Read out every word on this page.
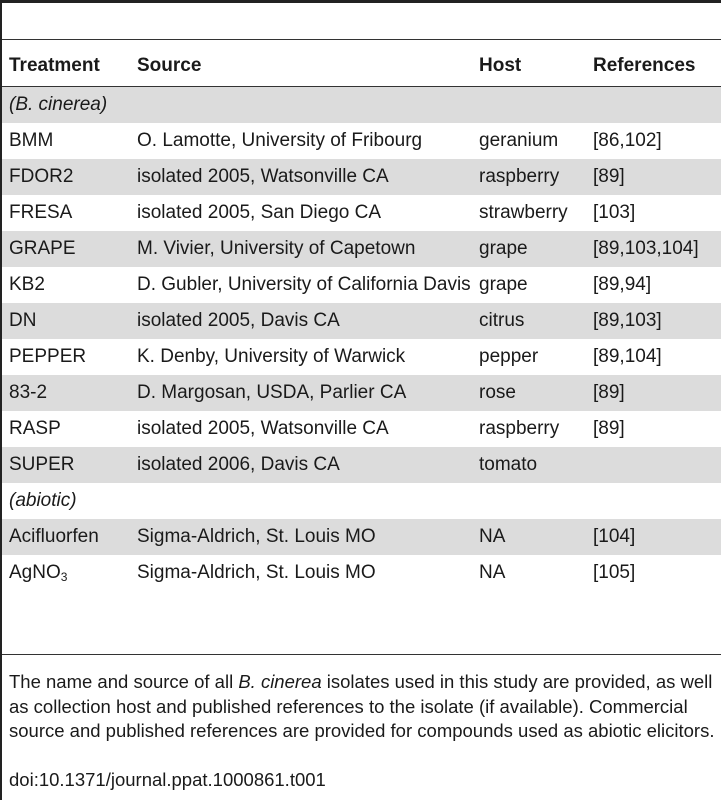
Treatment	Source	Host	References
(B. cinerea)			
BMM	O. Lamotte, University of Fribourg	geranium	[86,102]
FDOR2	isolated 2005, Watsonville CA	raspberry	[89]
FRESA	isolated 2005, San Diego CA	strawberry	[103]
GRAPE	M. Vivier, University of Capetown	grape	[89,103,104]
KB2	D. Gubler, University of California Davis	grape	[89,94]
DN	isolated 2005, Davis CA	citrus	[89,103]
PEPPER	K. Denby, University of Warwick	pepper	[89,104]
83-2	D. Margosan, USDA, Parlier CA	rose	[89]
RASP	isolated 2005, Watsonville CA	raspberry	[89]
SUPER	isolated 2006, Davis CA	tomato	
(abiotic)			
Acifluorfen	Sigma-Aldrich, St. Louis MO	NA	[104]
AgNO$_3$	Sigma-Aldrich, St. Louis MO	NA	[105]
The name and source of all B. cinerea isolates used in this study are provided, as well as collection host and published references to the isolate (if available). Commercial source and published references are provided for compounds used as abiotic elicitors.
doi:10.1371/journal.ppat.1000861.t001
